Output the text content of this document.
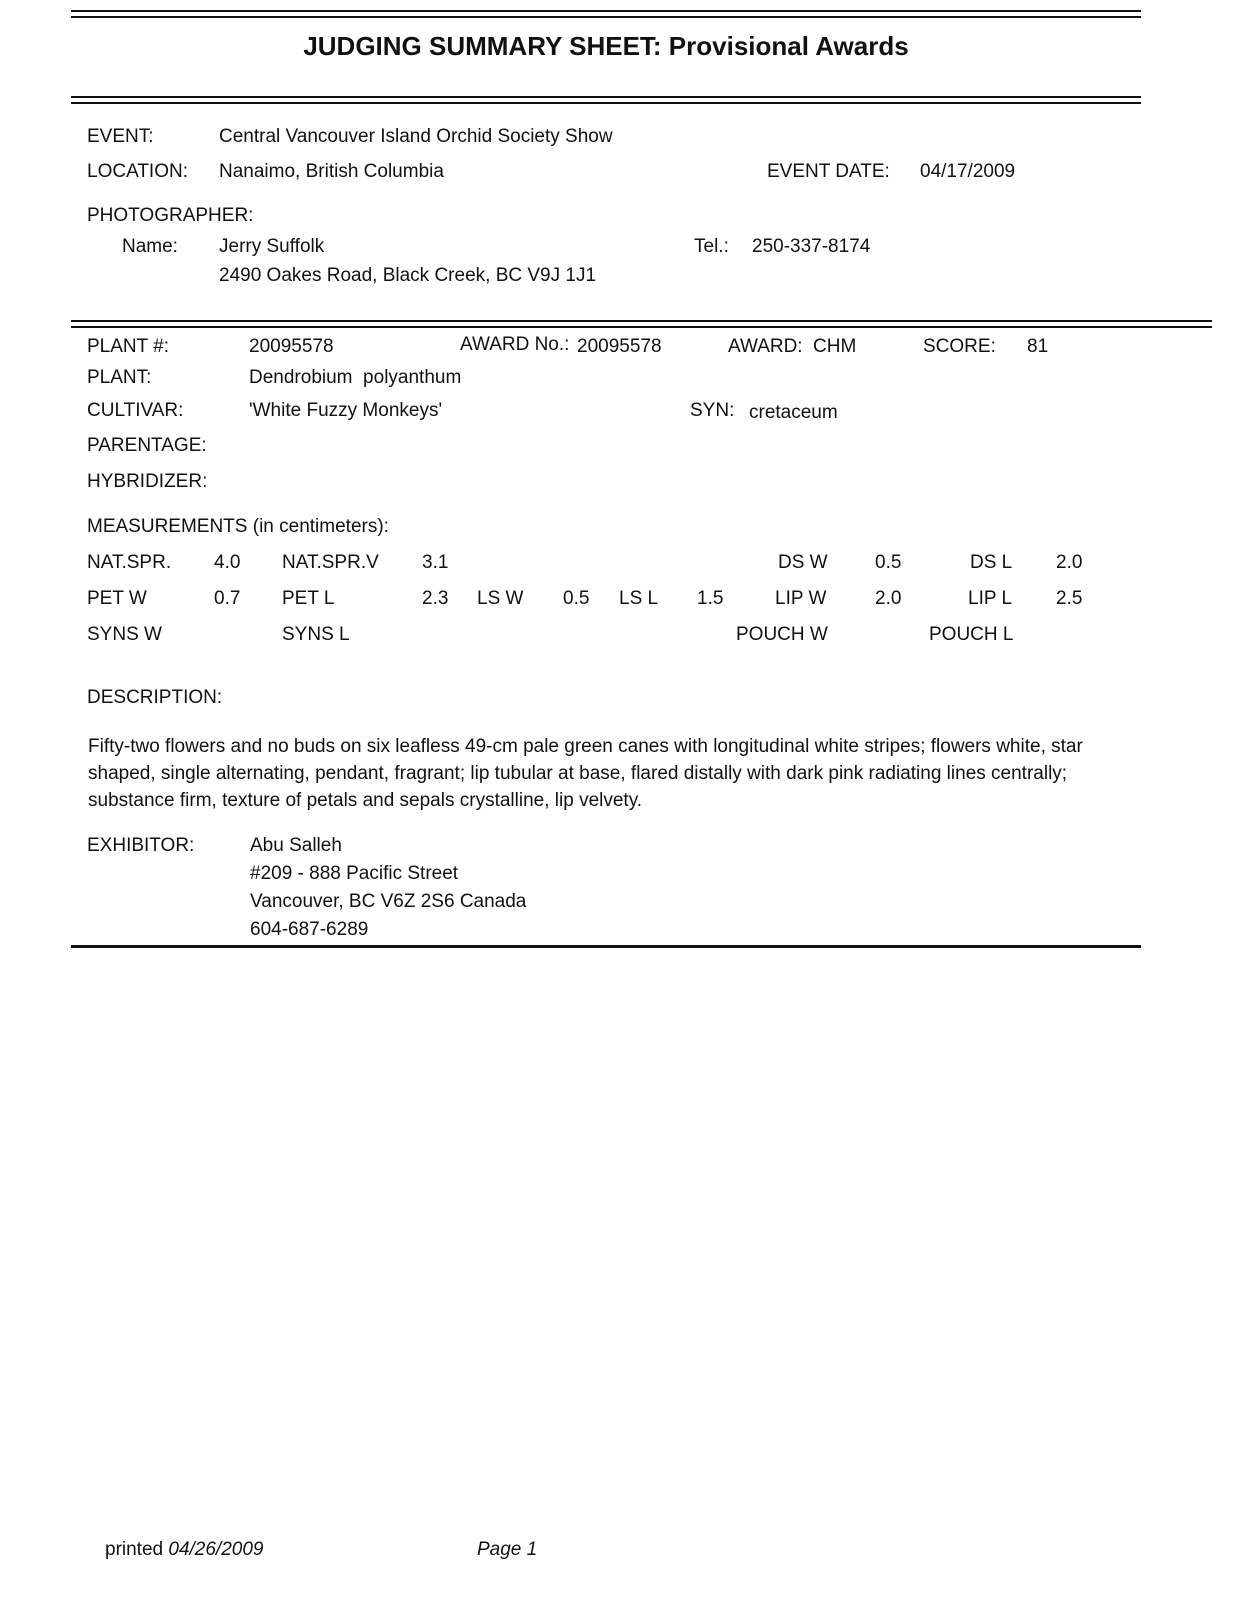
JUDGING SUMMARY SHEET: Provisional Awards
EVENT:	Central Vancouver Island Orchid Society Show
LOCATION: Nanaimo, British Columbia	EVENT DATE: 04/17/2009
PHOTOGRAPHER:
Name: Jerry Suffolk	Tel.: 250-337-8174
2490 Oakes Road, Black Creek, BC V9J 1J1
PLANT #:	20095578	AWARD No.: 20095578	AWARD: CHM	SCORE: 81
PLANT:	Dendrobium  polyanthum
CULTIVAR:	'White Fuzzy Monkeys'	SYN: cretaceum
PARENTAGE:
HYBRIDIZER:
MEASUREMENTS (in centimeters):
NAT.SPR. 4.0 NAT.SPR.V 3.1	DS W 0.5	DS L 2.0
PET W	0.7 PET L	2.3 LS W 0.5 LS L 1.5	LIP W	2.0	LIP L 2.5
SYNS W	SYNS L	POUCH W	POUCH L
DESCRIPTION:
Fifty-two flowers and no buds on six leafless 49-cm pale green canes with longitudinal white stripes; flowers white, star shaped, single alternating, pendant, fragrant; lip tubular at base, flared distally with dark pink radiating lines centrally; substance firm, texture of petals and sepals crystalline, lip velvety.
EXHIBITOR:	Abu Salleh
#209 - 888 Pacific Street
Vancouver, BC V6Z 2S6 Canada
604-687-6289
printed 04/26/2009	Page 1
